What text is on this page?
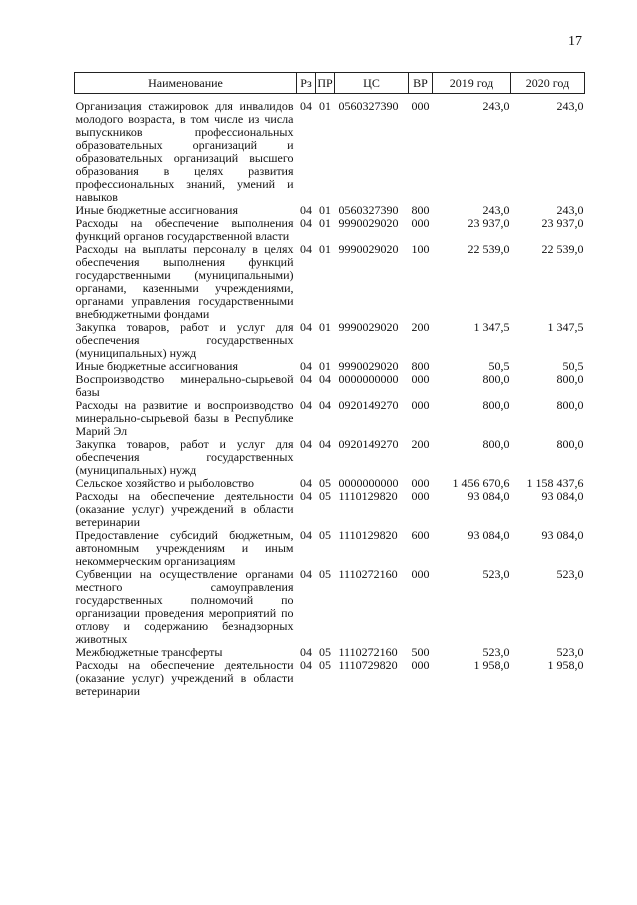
17
Наименование	Рз	ПР	ЦС	ВР	2019 год	2020 год
Организация стажировок для инвалидов молодого возраста, в том числе из числа выпускников профессиональных образовательных организаций и образовательных организаций высшего образования в целях развития профессиональных знаний, умений и навыков	04	01	0560327390	000	243,0	243,0
Иные бюджетные ассигнования	04	01	0560327390	800	243,0	243,0
Расходы на обеспечение выполнения функций органов государственной власти	04	01	9990029020	000	23 937,0	23 937,0
Расходы на выплаты персоналу в целях обеспечения выполнения функций государственными (муниципальными) органами, казенными учреждениями, органами управления государственными внебюджетными фондами	04	01	9990029020	100	22 539,0	22 539,0
Закупка товаров, работ и услуг для обеспечения государственных (муниципальных) нужд	04	01	9990029020	200	1 347,5	1 347,5
Иные бюджетные ассигнования	04	01	9990029020	800	50,5	50,5
Воспроизводство минерально-сырьевой базы	04	04	0000000000	000	800,0	800,0
Расходы на развитие и воспроизводство минерально-сырьевой базы в Республике Марий Эл	04	04	0920149270	000	800,0	800,0
Закупка товаров, работ и услуг для обеспечения государственных (муниципальных) нужд	04	04	0920149270	200	800,0	800,0
Сельское хозяйство и рыболовство	04	05	0000000000	000	1 456 670,6	1 158 437,6
Расходы на обеспечение деятельности (оказание услуг) учреждений в области ветеринарии	04	05	1110129820	000	93 084,0	93 084,0
Предоставление субсидий бюджетным, автономным учреждениям и иным некоммерческим организациям	04	05	1110129820	600	93 084,0	93 084,0
Субвенции на осуществление органами местного самоуправления государственных полномочий по организации проведения мероприятий по отлову и содержанию безнадзорных животных	04	05	1110272160	000	523,0	523,0
Межбюджетные трансферты	04	05	1110272160	500	523,0	523,0
Расходы на обеспечение деятельности (оказание услуг) учреждений в области ветеринарии	04	05	1110729820	000	1 958,0	1 958,0
